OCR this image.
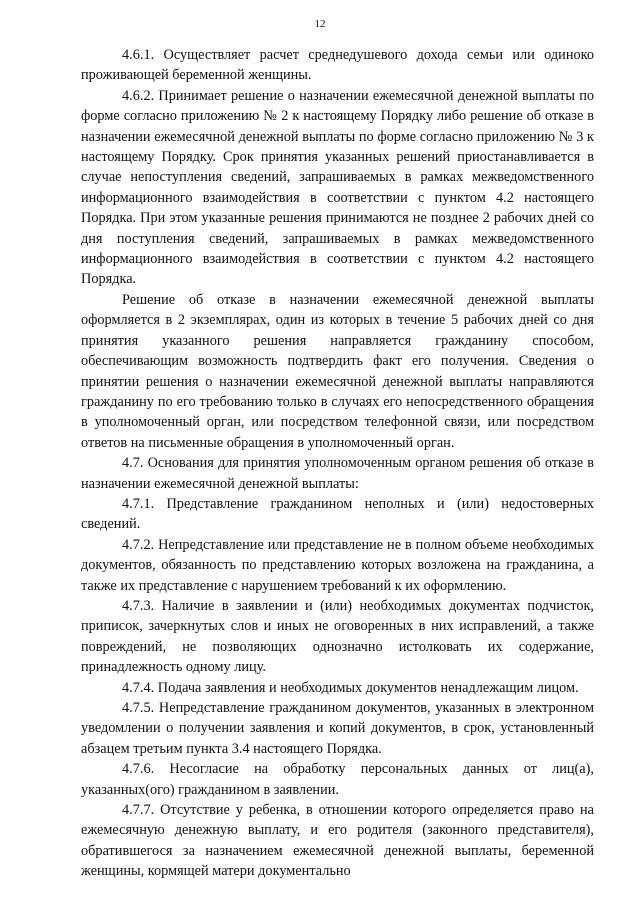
12

4.6.1. Осуществляет расчет среднедушевого дохода семьи или одиноко проживающей беременной женщины.

4.6.2. Принимает решение о назначении ежемесячной денежной выплаты по форме согласно приложению № 2 к настоящему Порядку либо решение об отказе в назначении ежемесячной денежной выплаты по форме согласно приложению № 3 к настоящему Порядку. Срок принятия указанных решений приостанавливается в случае непоступления сведений, запрашиваемых в рамках межведомственного информационного взаимодействия в соответствии с пунктом 4.2 настоящего Порядка. При этом указанные решения принимаются не позднее 2 рабочих дней со дня поступления сведений, запрашиваемых в рамках межведомственного информационного взаимодействия в соответствии с пунктом 4.2 настоящего Порядка.

Решение об отказе в назначении ежемесячной денежной выплаты оформляется в 2 экземплярах, один из которых в течение 5 рабочих дней со дня принятия указанного решения направляется гражданину способом, обеспечивающим возможность подтвердить факт его получения. Сведения о принятии решения о назначении ежемесячной денежной выплаты направляются гражданину по его требованию только в случаях его непосредственного обращения в уполномоченный орган, или посредством телефонной связи, или посредством ответов на письменные обращения в уполномоченный орган.

4.7. Основания для принятия уполномоченным органом решения об отказе в назначении ежемесячной денежной выплаты:

4.7.1. Представление гражданином неполных и (или) недостоверных сведений.

4.7.2. Непредставление или представление не в полном объеме необходимых документов, обязанность по представлению которых возложена на гражданина, а также их представление с нарушением требований к их оформлению.

4.7.3. Наличие в заявлении и (или) необходимых документах подчисток, приписок, зачеркнутых слов и иных не оговоренных в них исправлений, а также повреждений, не позволяющих однозначно истолковать их содержание, принадлежность одному лицу.

4.7.4. Подача заявления и необходимых документов ненадлежащим лицом.

4.7.5. Непредставление гражданином документов, указанных в электронном уведомлении о получении заявления и копий документов, в срок, установленный абзацем третьим пункта 3.4 настоящего Порядка.

4.7.6. Несогласие на обработку персональных данных от лиц(а), указанных(ого) гражданином в заявлении.

4.7.7. Отсутствие у ребенка, в отношении которого определяется право на ежемесячную денежную выплату, и его родителя (законного представителя), обратившегося за назначением ежемесячной денежной выплаты, беременной женщины, кормящей матери документально
